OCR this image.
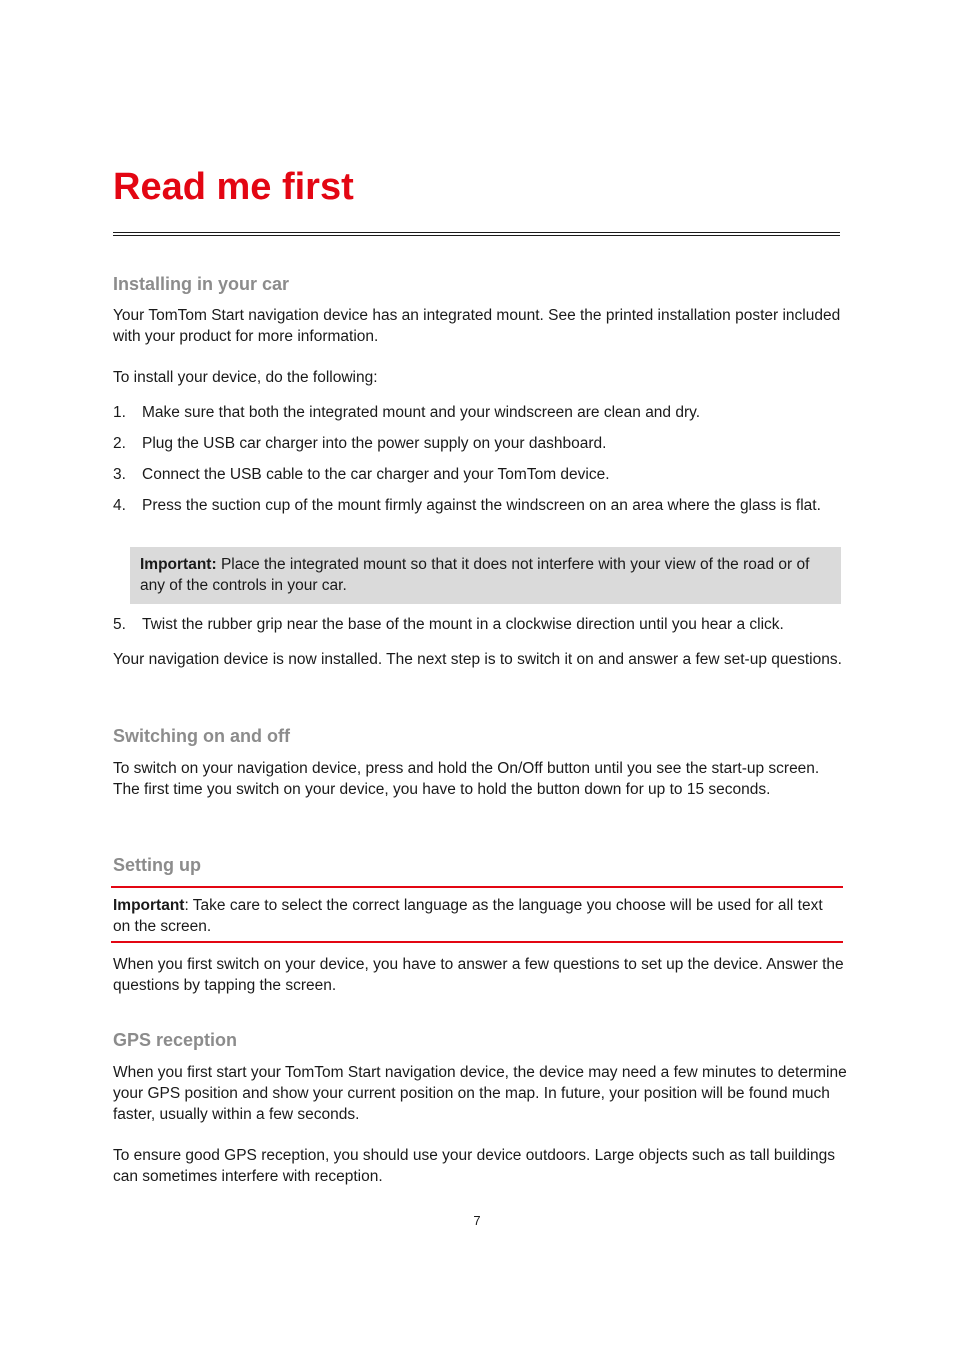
Read me first
Installing in your car

Your TomTom Start navigation device has an integrated mount. See the printed installation poster included with your product for more information.

To install your device, do the following:

1. Make sure that both the integrated mount and your windscreen are clean and dry.
2. Plug the USB car charger into the power supply on your dashboard.
3. Connect the USB cable to the car charger and your TomTom device.
4. Press the suction cup of the mount firmly against the windscreen on an area where the glass is flat.
Important: Place the integrated mount so that it does not interfere with your view of the road or of any of the controls in your car.
5. Twist the rubber grip near the base of the mount in a clockwise direction until you hear a click.

Your navigation device is now installed. The next step is to switch it on and answer a few set-up questions.

Switching on and off

To switch on your navigation device, press and hold the On/Off button until you see the start-up screen. The first time you switch on your device, you have to hold the button down for up to 15 seconds.

Setting up
Important: Take care to select the correct language as the language you choose will be used for all text on the screen.

When you first switch on your device, you have to answer a few questions to set up the device. Answer the questions by tapping the screen.

GPS reception

When you first start your TomTom Start navigation device, the device may need a few minutes to determine your GPS position and show your current position on the map. In future, your position will be found much faster, usually within a few seconds.

To ensure good GPS reception, you should use your device outdoors. Large objects such as tall buildings can sometimes interfere with reception.

7
